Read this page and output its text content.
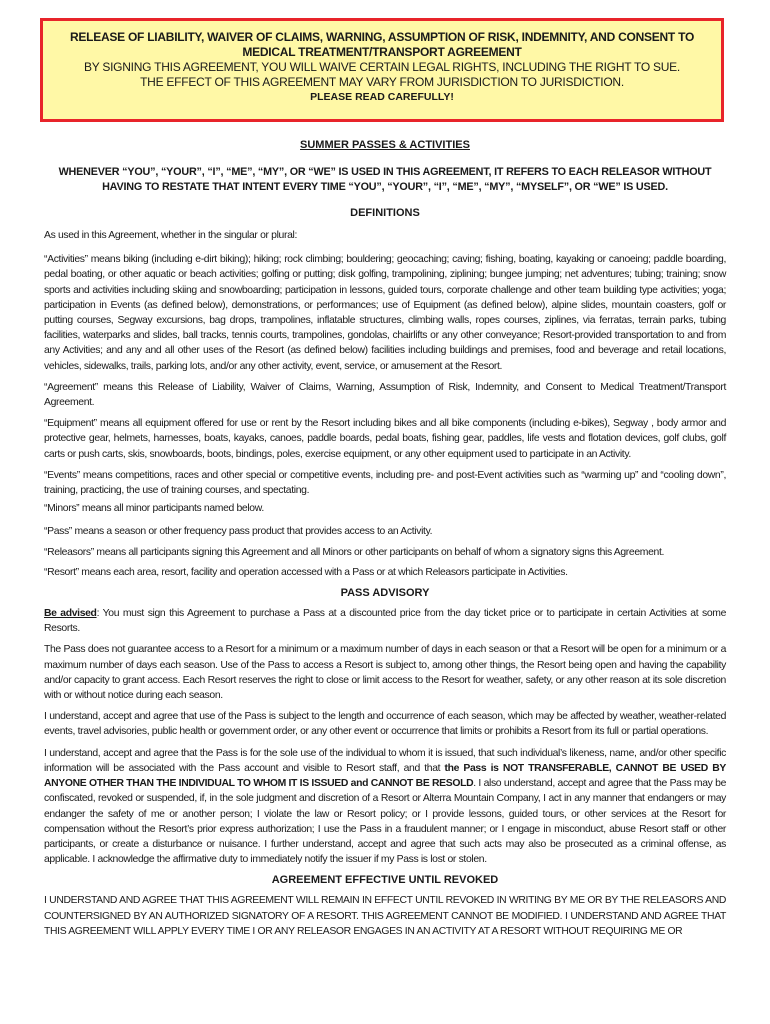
RELEASE OF LIABILITY, WAIVER OF CLAIMS, WARNING, ASSUMPTION OF RISK, INDEMNITY, AND CONSENT TO MEDICAL TREATMENT/TRANSPORT AGREEMENT
BY SIGNING THIS AGREEMENT, YOU WILL WAIVE CERTAIN LEGAL RIGHTS, INCLUDING THE RIGHT TO SUE.
THE EFFECT OF THIS AGREEMENT MAY VARY FROM JURISDICTION TO JURISDICTION.
PLEASE READ CAREFULLY!
SUMMER PASSES & ACTIVITIES
WHENEVER “YOU”, “YOUR”, “I”, “ME”, “MY”, OR “WE” IS USED IN THIS AGREEMENT, IT REFERS TO EACH RELEASOR WITHOUT HAVING TO RESTATE THAT INTENT EVERY TIME “YOU”, “YOUR”, “I”, “ME”, “MY”, “MYSELF”, OR “WE” IS USED.
DEFINITIONS

As used in this Agreement, whether in the singular or plural:

“Activities” means biking (including e-dirt biking); hiking; rock climbing; bouldering; geocaching; caving; fishing, boating, kayaking or canoeing; paddle boarding, pedal boating, or other aquatic or beach activities; golfing or putting; disk golfing, trampolining, ziplining; bungee jumping; net adventures; tubing; training; snow sports and activities including skiing and snowboarding; participation in lessons, guided tours, corporate challenge and other team building type activities; yoga; participation in Events (as defined below), demonstrations, or performances; use of Equipment (as defined below), alpine slides, mountain coasters, golf or putting courses, Segway excursions, bag drops, trampolines, inflatable structures, climbing walls, ropes courses, ziplines, via ferratas, terrain parks, tubing facilities, waterparks and slides, ball tracks, tennis courts, trampolines, gondolas, chairlifts or any other conveyance; Resort-provided transportation to and from any Activities; and any and all other uses of the Resort (as defined below) facilities including buildings and premises, food and beverage and retail locations, vehicles, sidewalks, trails, parking lots, and/or any other activity, event, service, or amusement at the Resort.

“Agreement” means this Release of Liability, Waiver of Claims, Warning, Assumption of Risk, Indemnity, and Consent to Medical Treatment/Transport Agreement.

“Equipment” means all equipment offered for use or rent by the Resort including bikes and all bike components (including e-bikes), Segway , body armor and protective gear, helmets, harnesses, boats, kayaks, canoes, paddle boards, pedal boats, fishing gear, paddles, life vests and flotation devices, golf clubs, golf carts or push carts, skis, snowboards, boots, bindings, poles, exercise equipment, or any other equipment used to participate in an Activity.

“Events” means competitions, races and other special or competitive events, including pre- and post-Event activities such as “warming up” and “cooling down”, training, practicing, the use of training courses, and spectating.

“Minors” means all minor participants named below.

“Pass” means a season or other frequency pass product that provides access to an Activity.

“Releasors” means all participants signing this Agreement and all Minors or other participants on behalf of whom a signatory signs this Agreement.

“Resort” means each area, resort, facility and operation accessed with a Pass or at which Releasors participate in Activities.

PASS ADVISORY

Be advised: You must sign this Agreement to purchase a Pass at a discounted price from the day ticket price or to participate in certain Activities at some Resorts.

The Pass does not guarantee access to a Resort for a minimum or a maximum number of days in each season or that a Resort will be open for a minimum or a maximum number of days each season. Use of the Pass to access a Resort is subject to, among other things, the Resort being open and having the capability and/or capacity to grant access. Each Resort reserves the right to close or limit access to the Resort for weather, safety, or any other reason at its sole discretion with or without notice during each season.

I understand, accept and agree that use of the Pass is subject to the length and occurrence of each season, which may be affected by weather, weather-related events, travel advisories, public health or government order, or any other event or occurrence that limits or prohibits a Resort from its full or partial operations.

I understand, accept and agree that the Pass is for the sole use of the individual to whom it is issued, that such individual’s likeness, name, and/or other specific information will be associated with the Pass account and visible to Resort staff, and that the Pass is NOT TRANSFERABLE, CANNOT BE USED BY ANYONE OTHER THAN THE INDIVIDUAL TO WHOM IT IS ISSUED and CANNOT BE RESOLD. I also understand, accept and agree that the Pass may be confiscated, revoked or suspended, if, in the sole judgment and discretion of a Resort or Alterra Mountain Company, I act in any manner that endangers or may endanger the safety of me or another person; I violate the law or Resort policy; or I provide lessons, guided tours, or other services at the Resort for compensation without the Resort’s prior express authorization; I use the Pass in a fraudulent manner; or I engage in misconduct, abuse Resort staff or other participants, or create a disturbance or nuisance. I further understand, accept and agree that such acts may also be prosecuted as a criminal offense, as applicable. I acknowledge the affirmative duty to immediately notify the issuer if my Pass is lost or stolen.

AGREEMENT EFFECTIVE UNTIL REVOKED

I UNDERSTAND AND AGREE THAT THIS AGREEMENT WILL REMAIN IN EFFECT UNTIL REVOKED IN WRITING BY ME OR BY THE RELEASORS AND COUNTERSIGNED BY AN AUTHORIZED SIGNATORY OF A RESORT. THIS AGREEMENT CANNOT BE MODIFIED. I UNDERSTAND AND AGREE THAT THIS AGREEMENT WILL APPLY EVERY TIME I OR ANY RELEASOR ENGAGES IN AN ACTIVITY AT A RESORT WITHOUT REQUIRING ME OR
